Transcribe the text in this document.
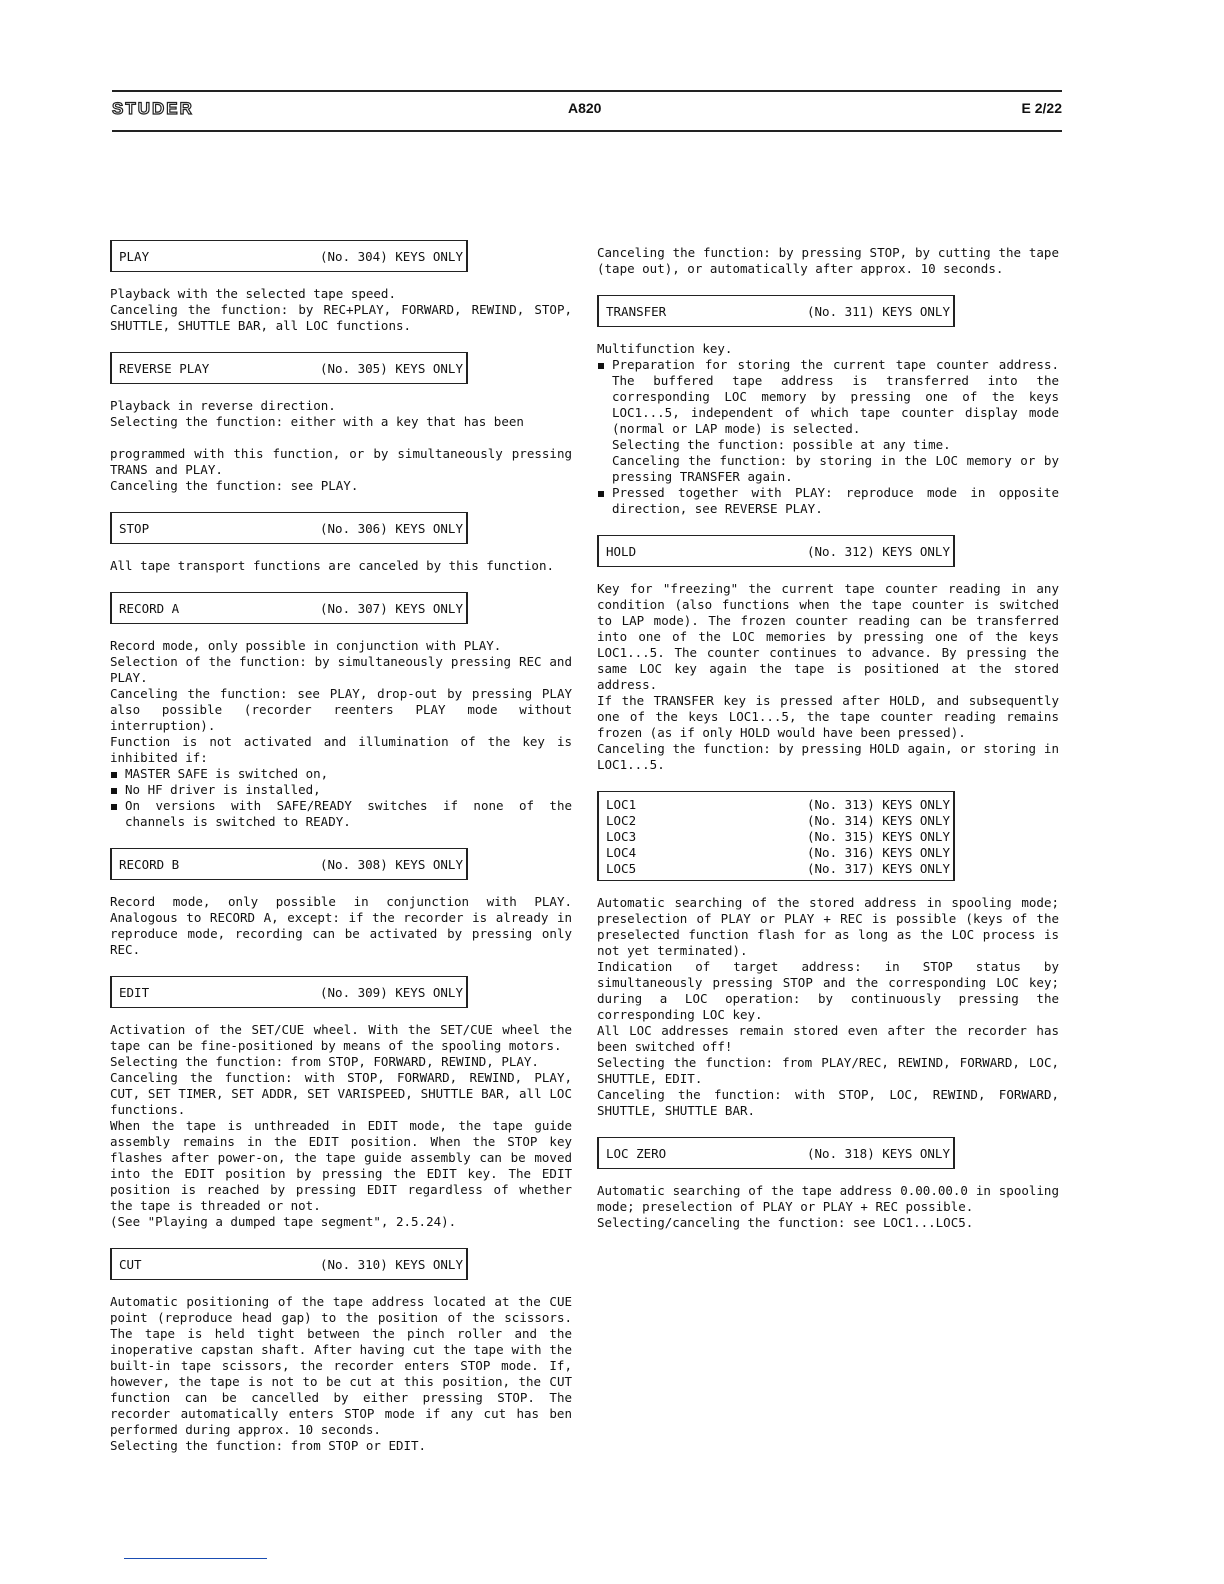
STUDER	A820	E 2/22
PLAY	(No. 304) KEYS ONLY

Playback with the selected tape speed.

Canceling the function: by REC+PLAY, FORWARD, REWIND, STOP, SHUTTLE, SHUTTLE BAR, all LOC functions.

REVERSE PLAY	(No. 305) KEYS ONLY

Playback in reverse direction.

Selecting the function: either with a key that has been

programmed with this function, or by simultaneously pressing TRANS and PLAY.

Canceling the function: see PLAY.

STOP	(No. 306) KEYS ONLY

All tape transport functions are canceled by this function.

RECORD A	(No. 307) KEYS ONLY

Record mode, only possible in conjunction with PLAY.

Selection of the function: by simultaneously pressing REC and PLAY.

Canceling the function: see PLAY, drop-out by pressing PLAY also possible (recorder reenters PLAY mode without interruption).

Function is not activated and illumination of the key is inhibited if:

MASTER SAFE is switched on,
No HF driver is installed,
On versions with SAFE/READY switches if none of the channels is switched to READY.
RECORD B	(No. 308) KEYS ONLY

Record mode, only possible in conjunction with PLAY. Analogous to RECORD A, except: if the recorder is already in reproduce mode, recording can be activated by pressing only REC.

EDIT	(No. 309) KEYS ONLY

Activation of the SET/CUE wheel. With the SET/CUE wheel the tape can be fine-positioned by means of the spooling motors.

Selecting the function: from STOP, FORWARD, REWIND, PLAY.

Canceling the function: with STOP, FORWARD, REWIND, PLAY, CUT, SET TIMER, SET ADDR, SET VARISPEED, SHUTTLE BAR, all LOC functions.

When the tape is unthreaded in EDIT mode, the tape guide assembly remains in the EDIT position. When the STOP key flashes after power-on, the tape guide assembly can be moved into the EDIT position by pressing the EDIT key. The EDIT position is reached by pressing EDIT regardless of whether the tape is threaded or not.

(See "Playing a dumped tape segment", 2.5.24).

CUT	(No. 310) KEYS ONLY

Automatic positioning of the tape address located at the CUE point (reproduce head gap) to the position of the scissors. The tape is held tight between the pinch roller and the inoperative capstan shaft. After having cut the tape with the built-in tape scissors, the recorder enters STOP mode. If, however, the tape is not to be cut at this position, the CUT function can be cancelled by either pressing STOP. The recorder automatically enters STOP mode if any cut has ben performed during approx. 10 seconds.

Selecting the function: from STOP or EDIT.

Canceling the function: by pressing STOP, by cutting the tape (tape out), or automatically after approx. 10 seconds.

TRANSFER	(No. 311) KEYS ONLY

Multifunction key.

Preparation for storing the current tape counter address. The buffered tape address is transferred into the corresponding LOC memory by pressing one of the keys LOC1...5, independent of which tape counter display mode (normal or LAP mode) is selected.

Selecting the function: possible at any time.

Canceling the function: by storing in the LOC memory or by pressing TRANSFER again.

Pressed together with PLAY: reproduce mode in opposite direction, see REVERSE PLAY.
HOLD	(No. 312) KEYS ONLY

Key for "freezing" the current tape counter reading in any condition (also functions when the tape counter is switched to LAP mode). The frozen counter reading can be transferred into one of the LOC memories by pressing one of the keys LOC1...5. The counter continues to advance. By pressing the same LOC key again the tape is positioned at the stored address.

If the TRANSFER key is pressed after HOLD, and subsequently one of the keys LOC1...5, the tape counter reading remains frozen (as if only HOLD would have been pressed).

Canceling the function: by pressing HOLD again, or storing in LOC1...5.

LOC1	(No. 313) KEYS ONLY
LOC2	(No. 314) KEYS ONLY
LOC3	(No. 315) KEYS ONLY
LOC4	(No. 316) KEYS ONLY
LOC5	(No. 317) KEYS ONLY

Automatic searching of the stored address in spooling mode; preselection of PLAY or PLAY + REC is possible (keys of the preselected function flash for as long as the LOC process is not yet terminated).

Indication of target address: in STOP status by simultaneously pressing STOP and the corresponding LOC key; during a LOC operation: by continuously pressing the corresponding LOC key.

All LOC addresses remain stored even after the recorder has been switched off!

Selecting the function: from PLAY/REC, REWIND, FORWARD, LOC, SHUTTLE, EDIT.

Canceling the function: with STOP, LOC, REWIND, FORWARD, SHUTTLE, SHUTTLE BAR.

LOC ZERO	(No. 318) KEYS ONLY

Automatic searching of the tape address 0.00.00.0 in spooling mode; preselection of PLAY or PLAY + REC possible.

Selecting/canceling the function: see LOC1...LOC5.
